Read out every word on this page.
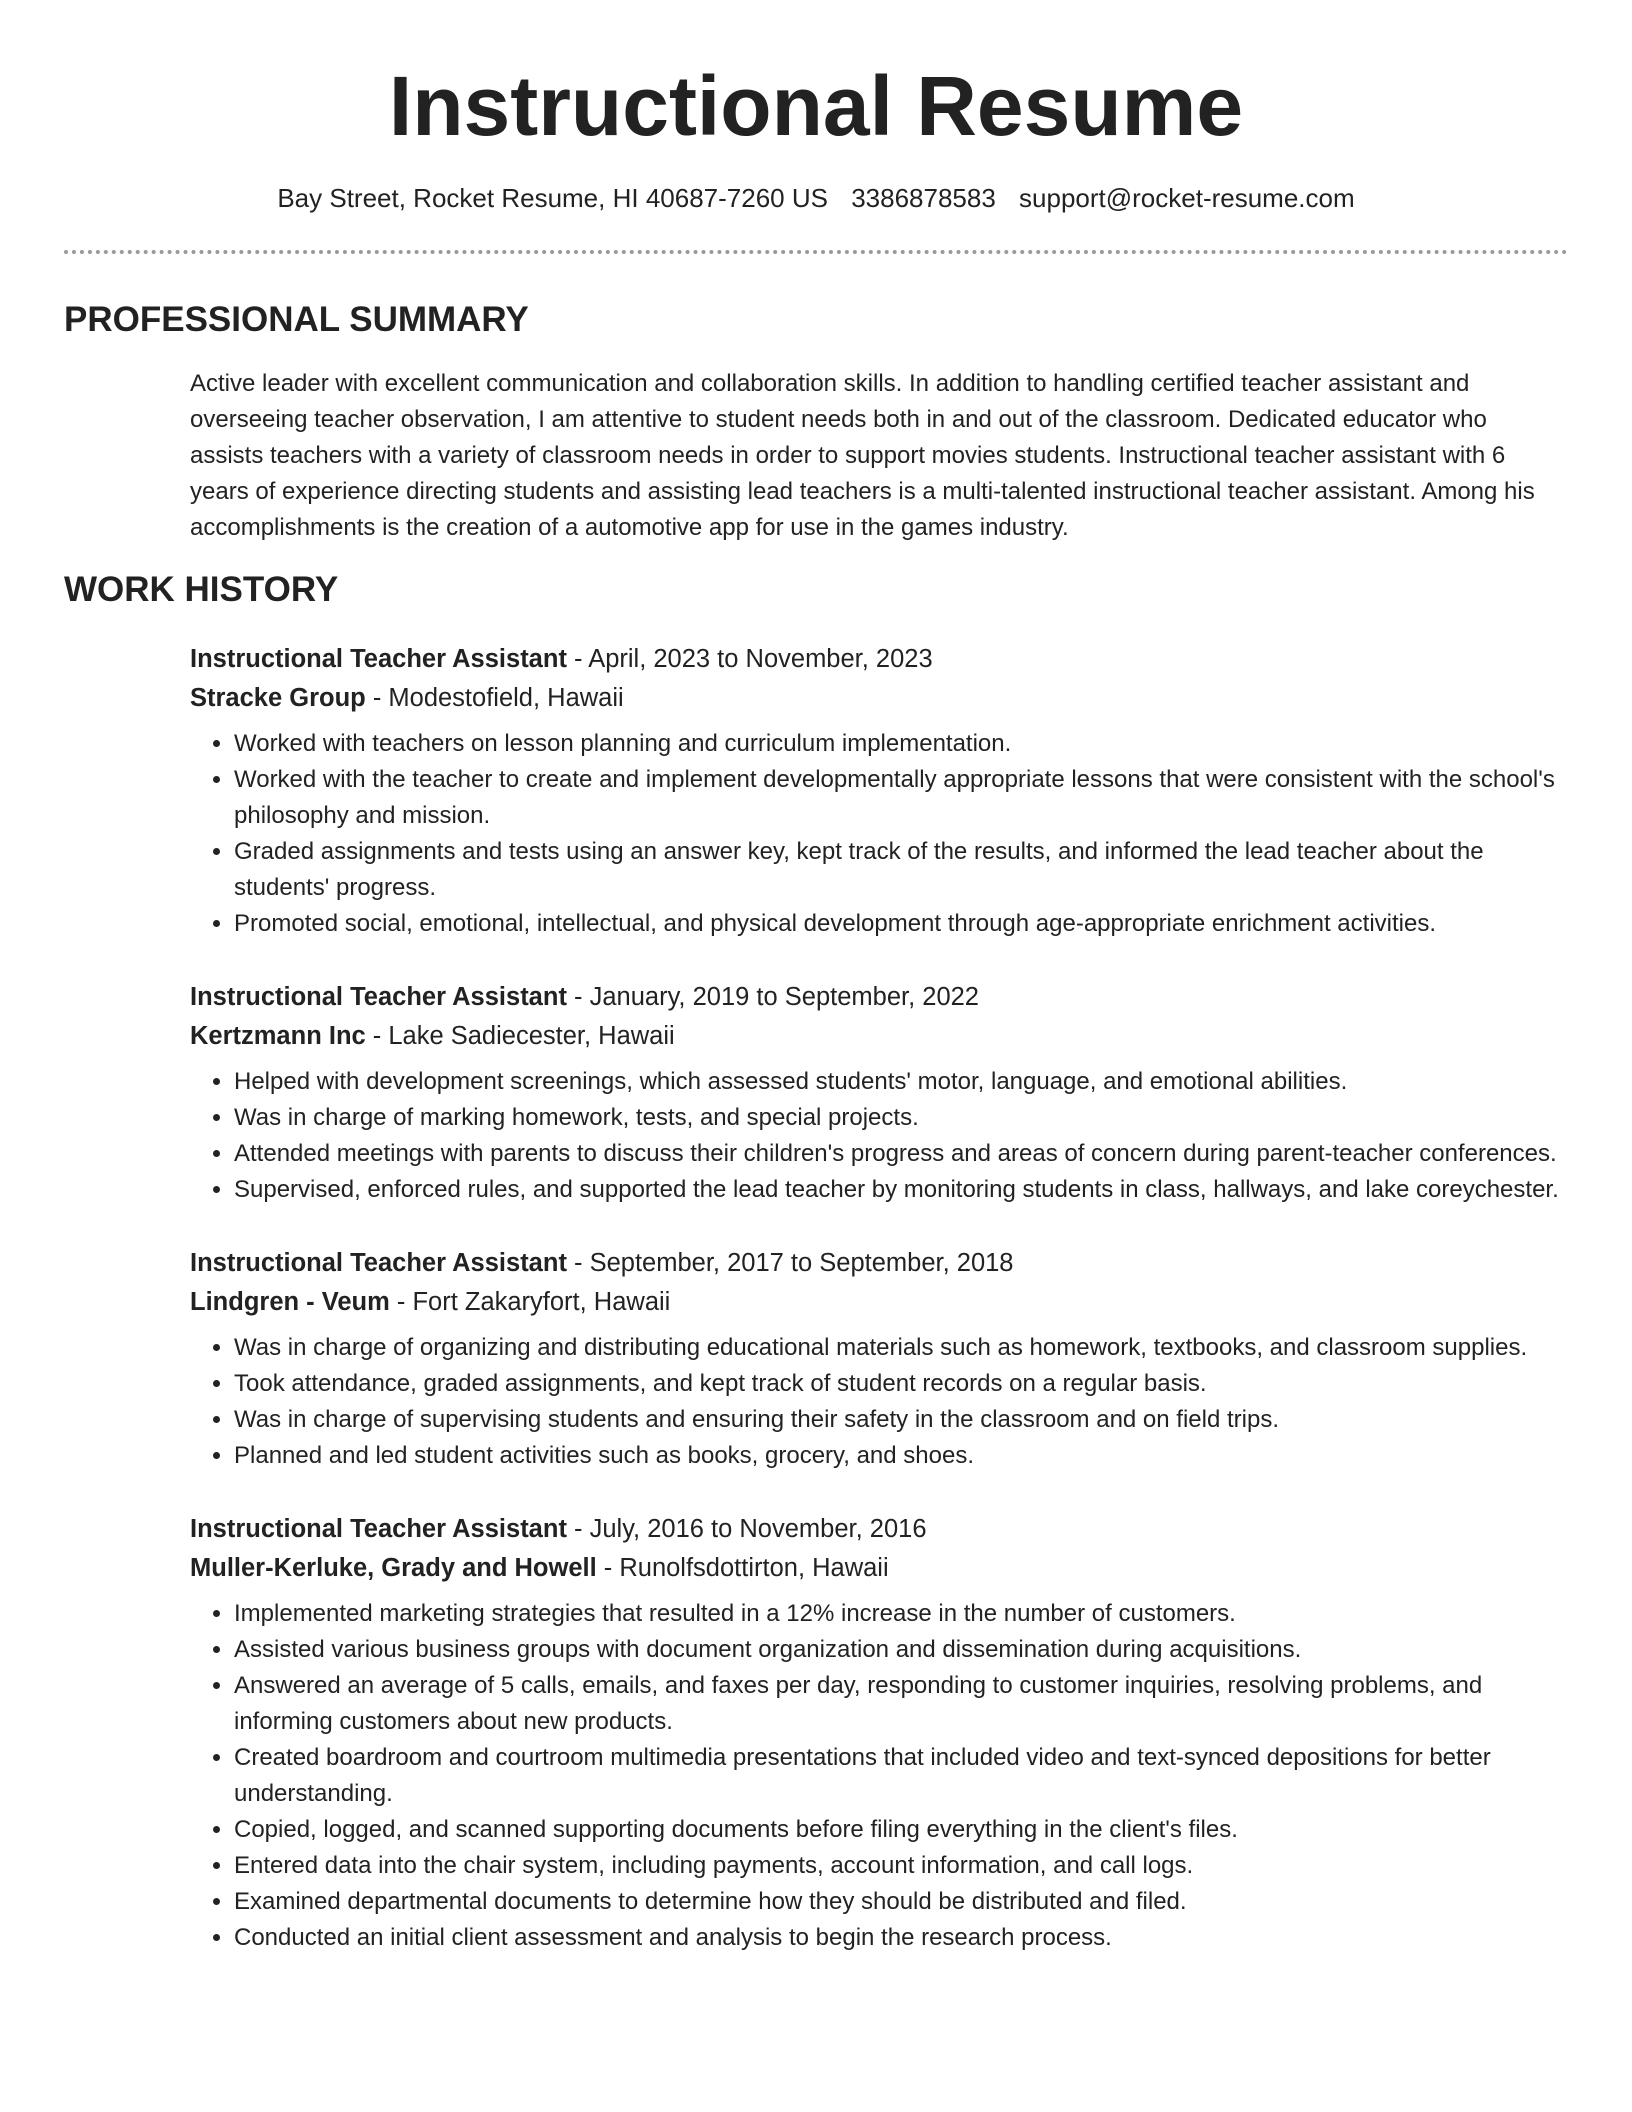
Instructional Resume
Bay Street, Rocket Resume, HI 40687-7260 US 3386878583 support@rocket-resume.com
PROFESSIONAL SUMMARY

Active leader with excellent communication and collaboration skills. In addition to handling certified teacher assistant and overseeing teacher observation, I am attentive to student needs both in and out of the classroom. Dedicated educator who assists teachers with a variety of classroom needs in order to support movies students. Instructional teacher assistant with 6 years of experience directing students and assisting lead teachers is a multi-talented instructional teacher assistant. Among his accomplishments is the creation of a automotive app for use in the games industry.

WORK HISTORY

Instructional Teacher Assistant - April, 2023 to November, 2023

Stracke Group - Modestofield, Hawaii

• Worked with teachers on lesson planning and curriculum implementation.
• Worked with the teacher to create and implement developmentally appropriate lessons that were consistent with the school's philosophy and mission.
• Graded assignments and tests using an answer key, kept track of the results, and informed the lead teacher about the students' progress.
• Promoted social, emotional, intellectual, and physical development through age-appropriate enrichment activities.

Instructional Teacher Assistant - January, 2019 to September, 2022

Kertzmann Inc - Lake Sadiecester, Hawaii

• Helped with development screenings, which assessed students' motor, language, and emotional abilities.
• Was in charge of marking homework, tests, and special projects.
• Attended meetings with parents to discuss their children's progress and areas of concern during parent-teacher conferences.
• Supervised, enforced rules, and supported the lead teacher by monitoring students in class, hallways, and lake coreychester.

Instructional Teacher Assistant - September, 2017 to September, 2018

Lindgren - Veum - Fort Zakaryfort, Hawaii

• Was in charge of organizing and distributing educational materials such as homework, textbooks, and classroom supplies.
• Took attendance, graded assignments, and kept track of student records on a regular basis.
• Was in charge of supervising students and ensuring their safety in the classroom and on field trips.
• Planned and led student activities such as books, grocery, and shoes.

Instructional Teacher Assistant - July, 2016 to November, 2016

Muller-Kerluke, Grady and Howell - Runolfsdottirton, Hawaii

• Implemented marketing strategies that resulted in a 12% increase in the number of customers.
• Assisted various business groups with document organization and dissemination during acquisitions.
• Answered an average of 5 calls, emails, and faxes per day, responding to customer inquiries, resolving problems, and informing customers about new products.
• Created boardroom and courtroom multimedia presentations that included video and text-synced depositions for better understanding.
• Copied, logged, and scanned supporting documents before filing everything in the client's files.
• Entered data into the chair system, including payments, account information, and call logs.
• Examined departmental documents to determine how they should be distributed and filed.
• Conducted an initial client assessment and analysis to begin the research process.
